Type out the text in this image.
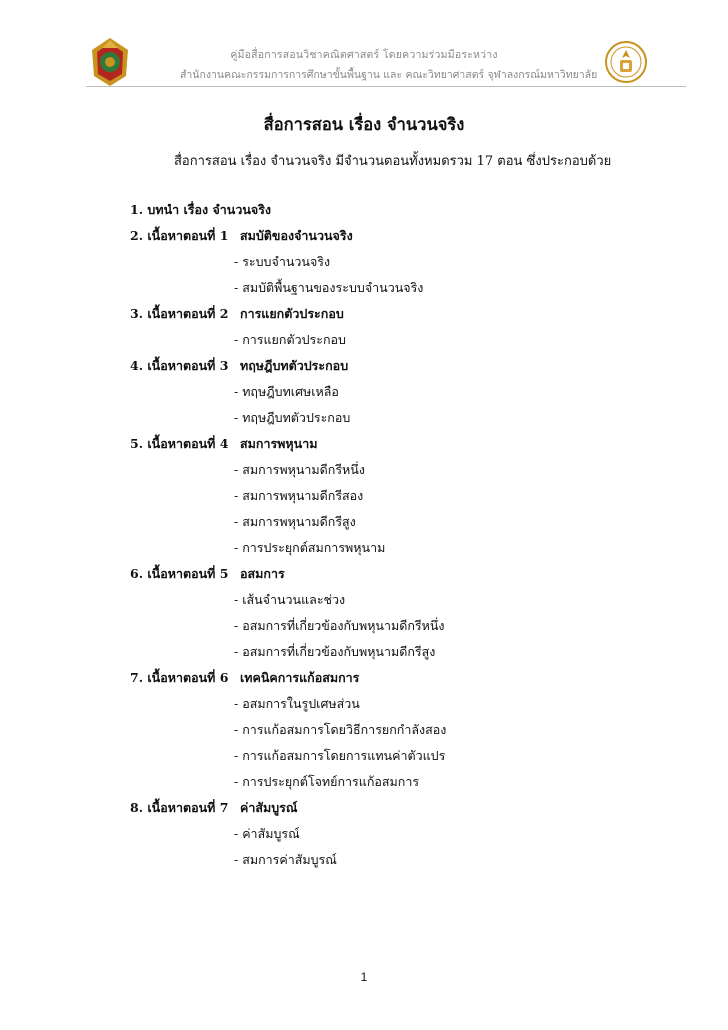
คู่มือสื่อการสอนวิชาคณิตศาสตร์ โดยความร่วมมือระหว่าง
สำนักงานคณะกรรมการการศึกษาขั้นพื้นฐาน และ คณะวิทยาศาสตร์ จุฬาลงกรณ์มหาวิทยาลัย
สื่อการสอน เรื่อง จำนวนจริง
สื่อการสอน เรื่อง จำนวนจริง มีจำนวนตอนทั้งหมดรวม 17 ตอน ซึ่งประกอบด้วย
1. บทนำ เรื่อง จำนวนจริง
2. เนื้อหาตอนที่ 1 สมบัติของจำนวนจริง
- ระบบจำนวนจริง
- สมบัติพื้นฐานของระบบจำนวนจริง
3. เนื้อหาตอนที่ 2 การแยกตัวประกอบ
- การแยกตัวประกอบ
4. เนื้อหาตอนที่ 3 ทฤษฎีบทตัวประกอบ
- ทฤษฎีบทเศษเหลือ
- ทฤษฎีบทตัวประกอบ
5. เนื้อหาตอนที่ 4 สมการพหุนาม
- สมการพหุนามดีกรีหนึ่ง
- สมการพหุนามดีกรีสอง
- สมการพหุนามดีกรีสูง
- การประยุกต์สมการพหุนาม
6. เนื้อหาตอนที่ 5 อสมการ
- เส้นจำนวนและช่วง
- อสมการที่เกี่ยวข้องกับพหุนามดีกรีหนึ่ง
- อสมการที่เกี่ยวข้องกับพหุนามดีกรีสูง
7. เนื้อหาตอนที่ 6 เทคนิคการแก้อสมการ
- อสมการในรูปเศษส่วน
- การแก้อสมการโดยวิธีการยกกำลังสอง
- การแก้อสมการโดยการแทนค่าตัวแปร
- การประยุกต์โจทย์การแก้อสมการ
8. เนื้อหาตอนที่ 7 ค่าสัมบูรณ์
- ค่าสัมบูรณ์
- สมการค่าสัมบูรณ์
1
